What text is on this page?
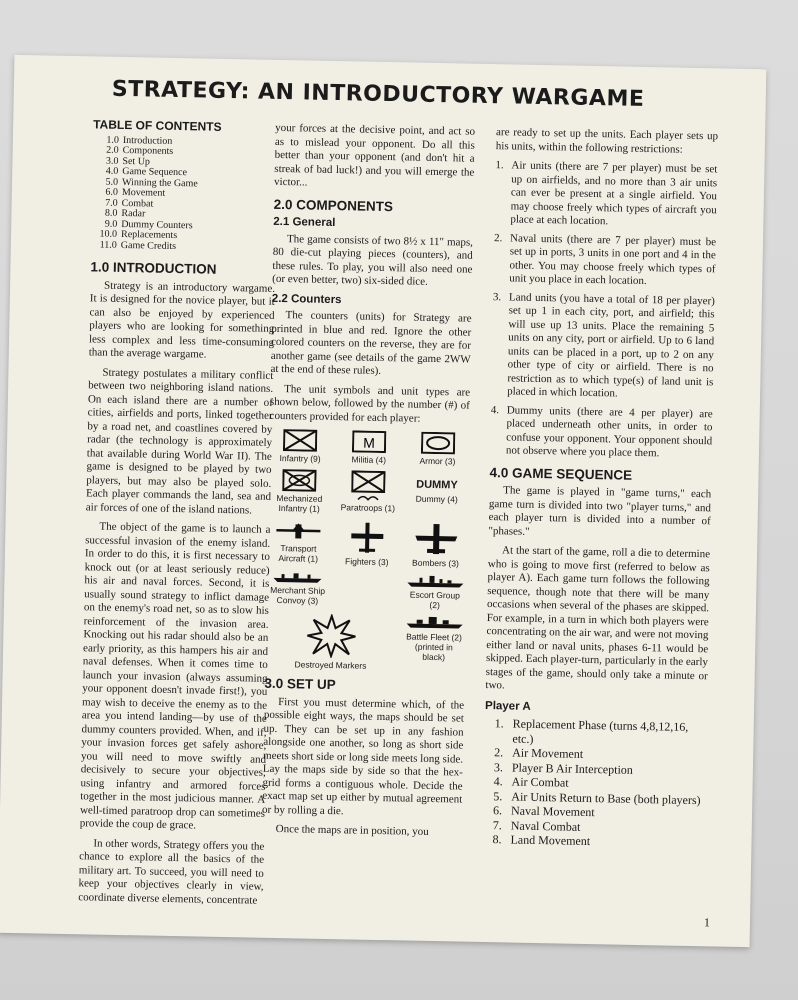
STRATEGY: AN INTRODUCTORY WARGAME
TABLE OF CONTENTS
1.0 Introduction
2.0 Components
3.0 Set Up
4.0 Game Sequence
5.0 Winning the Game
6.0 Movement
7.0 Combat
8.0 Radar
9.0 Dummy Counters
10.0 Replacements
11.0 Game Credits
1.0 INTRODUCTION

Strategy is an introductory wargame. It is designed for the novice player, but it can also be enjoyed by experienced players who are looking for something less complex and less time-consuming than the average wargame.

Strategy postulates a military conflict between two neighboring island nations. On each island there are a number of cities, airfields and ports, linked together by a road net, and coastlines covered by radar (the technology is approximately that available during World War II). The game is designed to be played by two players, but may also be played solo. Each player commands the land, sea and air forces of one of the island nations.

The object of the game is to launch a successful invasion of the enemy island. In order to do this, it is first necessary to knock out (or at least seriously reduce) his air and naval forces. Second, it is usually sound strategy to inflict damage on the enemy's road net, so as to slow his reinforcement of the invasion area. Knocking out his radar should also be an early priority, as this hampers his air and naval defenses. When it comes time to launch your invasion (always assuming your opponent doesn't invade first!), you may wish to deceive the enemy as to the area you intend landing—by use of the dummy counters provided. When, and if, your invasion forces get safely ashore, you will need to move swiftly and decisively to secure your objectives, using infantry and armored forces together in the most judicious manner. A well-timed paratroop drop can sometimes provide the coup de grace.

In other words, Strategy offers you the chance to explore all the basics of the military art. To succeed, you will need to keep your objectives clearly in view, coordinate diverse elements, concentrate

your forces at the decisive point, and act so as to mislead your opponent. Do all this better than your opponent (and don't hit a streak of bad luck!) and you will emerge the victor...

2.0 COMPONENTS
2.1 General

The game consists of two 8½ x 11" maps, 80 die-cut playing pieces (counters), and these rules. To play, you will also need one (or even better, two) six-sided dice.

2.2 Counters

The counters (units) for Strategy are printed in blue and red. Ignore the other colored counters on the reverse, they are for another game (see details of the game 2WW at the end of these rules).

The unit symbols and unit types are shown below, followed by the number (#) of counters provided for each player:

Infantry (9)
M
Militia (4)	Armor (3)
Mechanized Infantry (1)	Paratroops (1)
DUMMY
Dummy (4)
Transport Aircraft (1)	Fighters (3)	Bombers (3)
Merchant Ship Convoy (3)	Escort Group (2)
Destroyed Markers
Battle Fleet (2) (printed in black)
3.0 SET UP

First you must determine which, of the possible eight ways, the maps should be set up. They can be set up in any fashion alongside one another, so long as short side meets short side or long side meets long side. Lay the maps side by side so that the hex-grid forms a contiguous whole. Decide the exact map set up either by mutual agreement or by rolling a die.

Once the maps are in position, you

are ready to set up the units. Each player sets up his units, within the following restrictions:

1. Air units (there are 7 per player) must be set up on airfields, and no more than 3 air units can ever be present at a single airfield. You may choose freely which types of aircraft you place at each location.
2. Naval units (there are 7 per player) must be set up in ports, 3 units in one port and 4 in the other. You may choose freely which types of unit you place in each location.
3. Land units (you have a total of 18 per player) set up 1 in each city, port, and airfield; this will use up 13 units. Place the remaining 5 units on any city, port or airfield. Up to 6 land units can be placed in a port, up to 2 on any other type of city or airfield. There is no restriction as to which type(s) of land unit is placed in which location.
4. Dummy units (there are 4 per player) are placed underneath other units, in order to confuse your opponent. Your opponent should not observe where you place them.
4.0 GAME SEQUENCE

The game is played in "game turns," each game turn is divided into two "player turns," and each player turn is divided into a number of "phases."

At the start of the game, roll a die to determine who is going to move first (referred to below as player A). Each game turn follows the following sequence, though note that there will be many occasions when several of the phases are skipped. For example, in a turn in which both players were concentrating on the air war, and were not moving either land or naval units, phases 6-11 would be skipped. Each player-turn, particularly in the early stages of the game, should only take a minute or two.

Player A
1. Replacement Phase (turns 4,8,12,16, etc.)
2. Air Movement
3. Player B Air Interception
4. Air Combat
5. Air Units Return to Base (both players)
6. Naval Movement
7. Naval Combat
8. Land Movement
1
